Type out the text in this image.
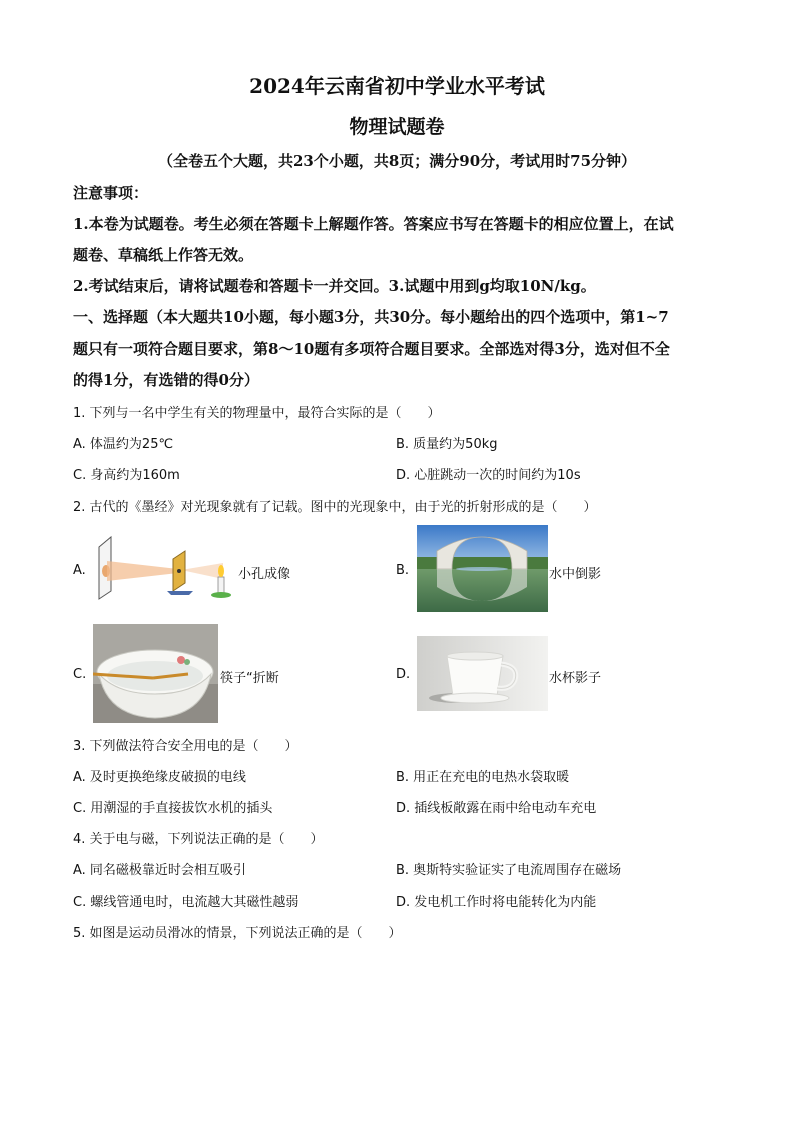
2024年云南省初中学业水平考试
物理试题卷
（全卷五个大题，共23个小题，共8页；满分90分，考试用时75分钟）
注意事项：
1.本卷为试题卷。考生必须在答题卡上解题作答。答案应书写在答题卡的相应位置上，在试
题卷、草稿纸上作答无效。
2.考试结束后，请将试题卷和答题卡一并交回。3.试题中用到g均取10N/kg。
一、选择题（本大题共10小题，每小题3分，共30分。每小题给出的四个选项中，第1~7
题只有一项符合题目要求，第8～10题有多项符合题目要求。全部选对得3分，选对但不全
的得1分，有选错的得0分）
1. 下列与一名中学生有关的物理量中，最符合实际的是（　　）
A. 体温约为25℃	B. 质量约为50kg
C. 身高约为160m	D. 心脏跳动一次的时间约为10s
2. 古代的《墨经》对光现象就有了记载。图中的光现象中，由于光的折射形成的是（　　）
A.	小孔成像	B.	水中倒影
C.	筷子“折断	D.	水杯影子
3. 下列做法符合安全用电的是（　　）
A. 及时更换绝缘皮破损的电线	B. 用正在充电的电热水袋取暖
C. 用潮湿的手直接拔饮水机的插头	D. 插线板敞露在雨中给电动车充电
4. 关于电与磁，下列说法正确的是（　　）
A. 同名磁极靠近时会相互吸引	B. 奥斯特实验证实了电流周围存在磁场
C. 螺线管通电时，电流越大其磁性越弱	D. 发电机工作时将电能转化为内能
5. 如图是运动员滑冰的情景，下列说法正确的是（　　）
